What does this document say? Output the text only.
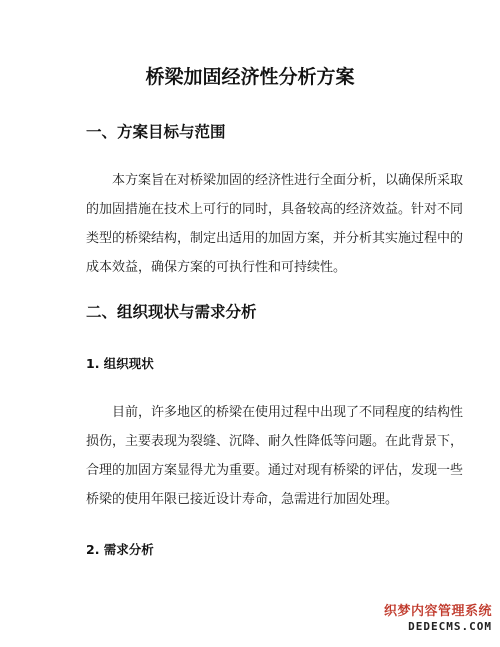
桥梁加固经济性分析方案
一、方案目标与范围
本方案旨在对桥梁加固的经济性进行全面分析，以确保所采取
的加固措施在技术上可行的同时，具备较高的经济效益。针对不同
类型的桥梁结构，制定出适用的加固方案，并分析其实施过程中的
成本效益，确保方案的可执行性和可持续性。
二、组织现状与需求分析
1. 组织现状
目前，许多地区的桥梁在使用过程中出现了不同程度的结构性
损伤，主要表现为裂缝、沉降、耐久性降低等问题。在此背景下，
合理的加固方案显得尤为重要。通过对现有桥梁的评估，发现一些
桥梁的使用年限已接近设计寿命，急需进行加固处理。
2. 需求分析
织梦内容管理系统
DEDECMS.COM
